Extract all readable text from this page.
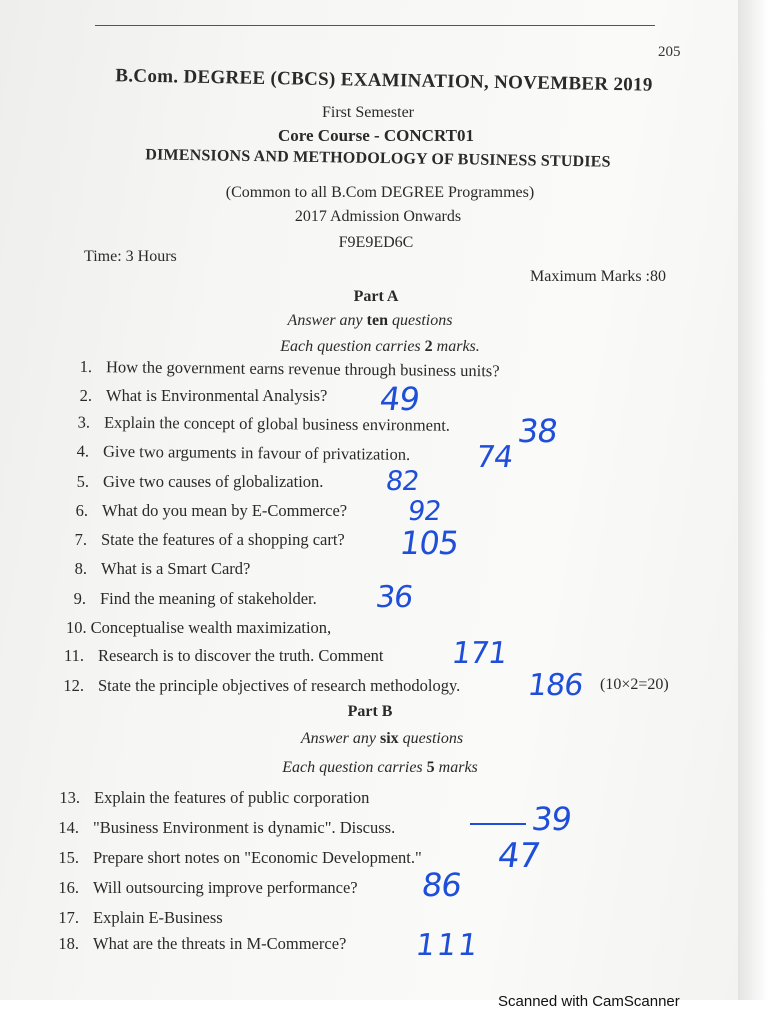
205
B.Com. DEGREE (CBCS) EXAMINATION, NOVEMBER 2019
First Semester
Core Course - CONCRT01
DIMENSIONS AND METHODOLOGY OF BUSINESS STUDIES
(Common to all B.Com DEGREE Programmes)
2017 Admission Onwards
F9E9ED6C
Time: 3 Hours
Maximum Marks :80
Part A
Answer any ten questions
Each question carries 2 marks.
1. How the government earns revenue through business units?
2. What is Environmental Analysis?
3. Explain the concept of global business environment.
4. Give two arguments in favour of privatization.
5. Give two causes of globalization.
6. What do you mean by E-Commerce?
7. State the features of a shopping cart?
8. What is a Smart Card?
9. Find the meaning of stakeholder.
10. Conceptualise wealth maximization,
11. Research is to discover the truth. Comment
12. State the principle objectives of research methodology.	(10×2=20)
49
38
74
82
92
105
36
171
186
Part B
Answer any six questions
Each question carries 5 marks
13. Explain the features of public corporation
14. "Business Environment is dynamic". Discuss.
15. Prepare short notes on "Economic Development."
16. Will outsourcing improve performance?
17. Explain E-Business
18. What are the threats in M-Commerce?
39
47
86
111
Scanned with CamScanner
